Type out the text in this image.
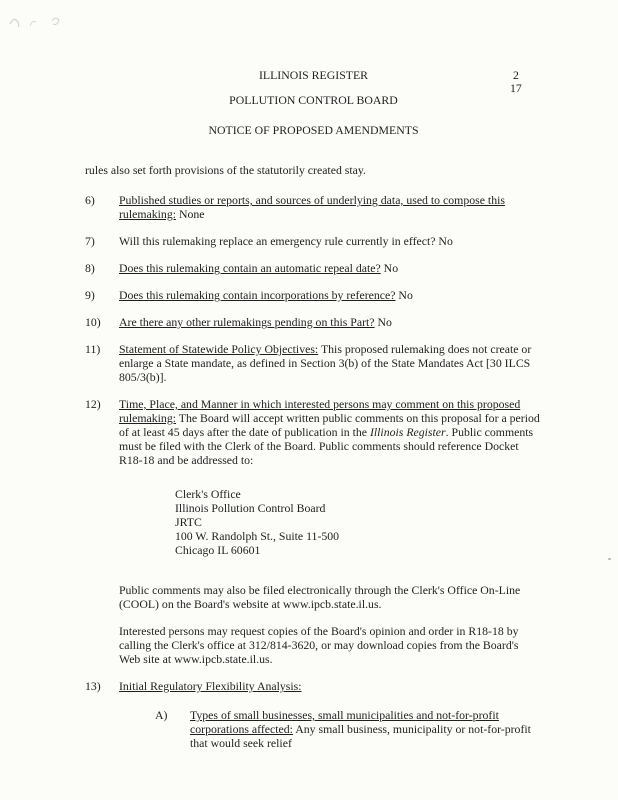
ILLINOIS REGISTER	2
17
POLLUTION CONTROL BOARD
NOTICE OF PROPOSED AMENDMENTS
rules also set forth provisions of the statutorily created stay.
6)	Published studies or reports, and sources of underlying data, used to compose this rulemaking: None
7)	Will this rulemaking replace an emergency rule currently in effect? No
8)	Does this rulemaking contain an automatic repeal date? No
9)	Does this rulemaking contain incorporations by reference? No
10)	Are there any other rulemakings pending on this Part? No
11)	Statement of Statewide Policy Objectives: This proposed rulemaking does not create or enlarge a State mandate, as defined in Section 3(b) of the State Mandates Act [30 ILCS 805/3(b)].
12)	Time, Place, and Manner in which interested persons may comment on this proposed rulemaking: The Board will accept written public comments on this proposal for a period of at least 45 days after the date of publication in the Illinois Register. Public comments must be filed with the Clerk of the Board. Public comments should reference Docket R18-18 and be addressed to:
Clerk's Office
Illinois Pollution Control Board
JRTC
100 W. Randolph St., Suite 11-500
Chicago IL 60601
Public comments may also be filed electronically through the Clerk's Office On-Line (COOL) on the Board's website at www.ipcb.state.il.us.
Interested persons may request copies of the Board's opinion and order in R18-18 by calling the Clerk's office at 312/814-3620, or may download copies from the Board's Web site at www.ipcb.state.il.us.
13)	Initial Regulatory Flexibility Analysis:
A)	Types of small businesses, small municipalities and not-for-profit corporations affected: Any small business, municipality or not-for-profit that would seek relief
